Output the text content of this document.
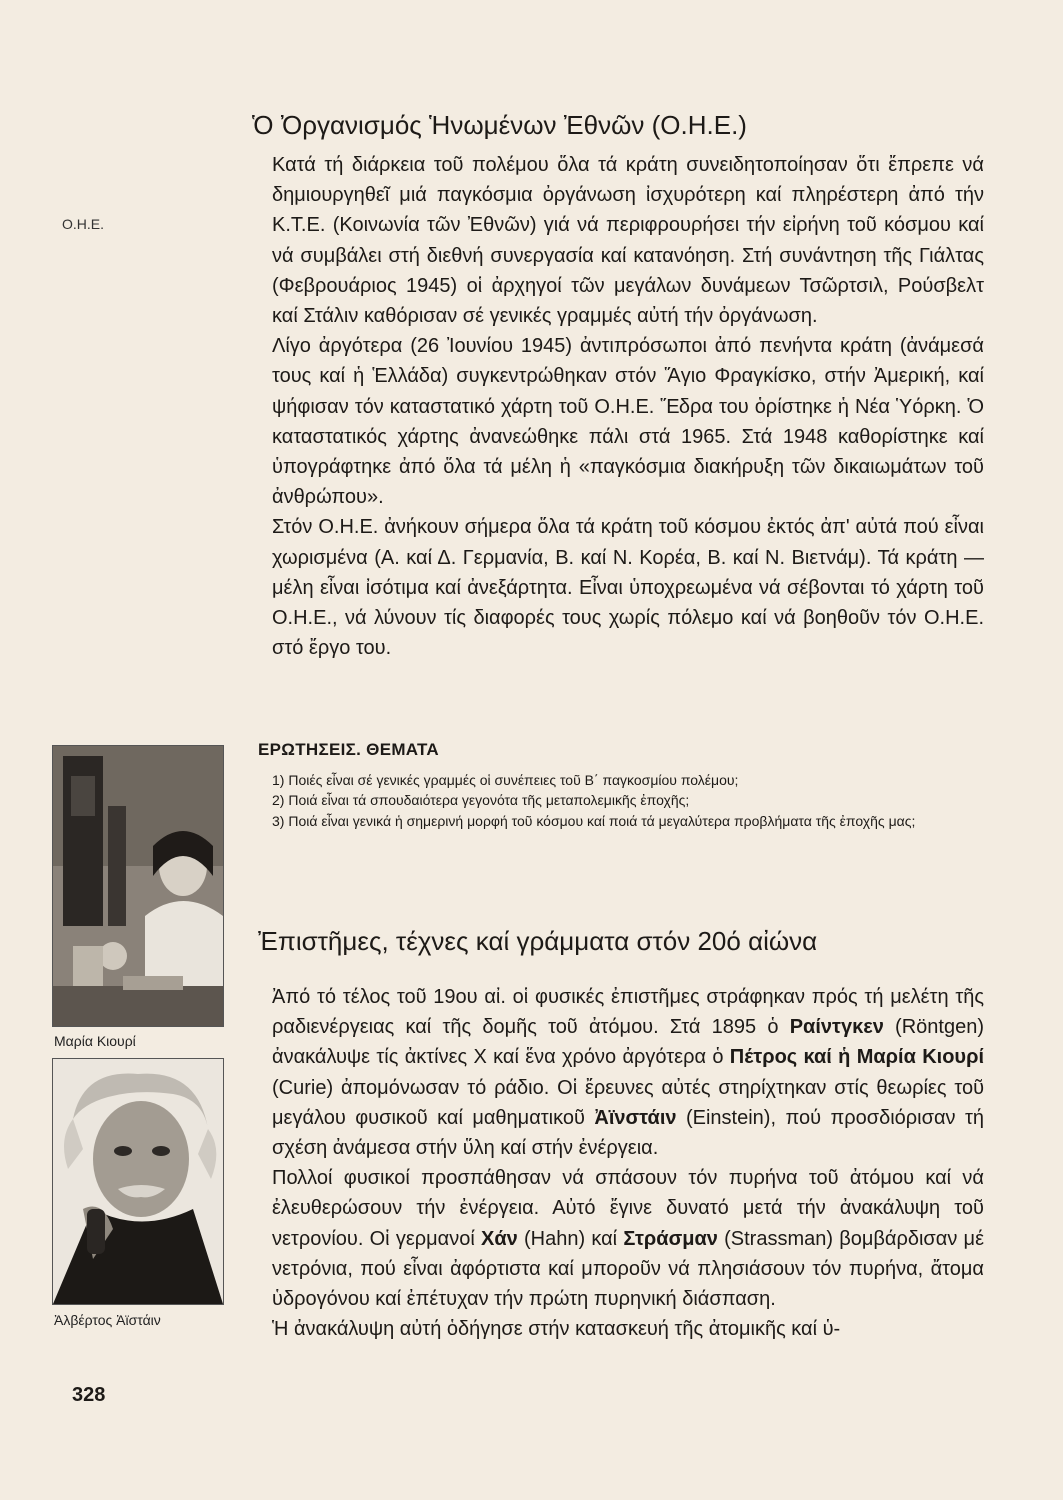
Ο.Η.Ε.
Μαρία Κιουρί
Ἀλβέρτος Ἀϊστάιν
328
Ὁ Ὀργανισμός Ἡνωμένων Ἐθνῶν (Ο.Η.Ε.)

Κατά τή διάρκεια τοῦ πολέμου ὅλα τά κράτη συνειδητοποίησαν ὅτι ἔπρεπε νά δημιουργηθεῖ μιά παγκόσμια ὀργάνωση ἰσχυρότερη καί πληρέστερη ἀπό τήν Κ.Τ.Ε. (Κοινωνία τῶν Ἐθνῶν) γιά νά περιφρουρήσει τήν εἰρήνη τοῦ κόσμου καί νά συμβάλει στή διεθνή συνεργασία καί κατανόηση. Στή συνάντηση τῆς Γιάλτας (Φεβρουάριος 1945) οἱ ἀρχηγοί τῶν μεγάλων δυνάμεων Τσῶρτσιλ, Ρούσβελτ καί Στάλιν καθόρισαν σέ γενικές γραμμές αὐτή τήν ὀργάνωση.

Λίγο ἀργότερα (26 Ἰουνίου 1945) ἀντιπρόσωποι ἀπό πενήντα κράτη (ἀνάμεσά τους καί ἡ Ἑλλάδα) συγκεντρώθηκαν στόν Ἅγιο Φραγκίσκο, στήν Ἀμερική, καί ψήφισαν τόν καταστατικό χάρτη τοῦ Ο.Η.Ε. Ἕδρα του ὁρίστηκε ἡ Νέα Ὑόρκη. Ὁ καταστατικός χάρτης ἀνανεώθηκε πάλι στά 1965. Στά 1948 καθορίστηκε καί ὑπογράφτηκε ἀπό ὅλα τά μέλη ἡ «παγκόσμια διακήρυξη τῶν δικαιωμάτων τοῦ ἀνθρώπου».

Στόν Ο.Η.Ε. ἀνήκουν σήμερα ὅλα τά κράτη τοῦ κόσμου ἐκτός ἀπ' αὐτά πού εἶναι χωρισμένα (Α. καί Δ. Γερμανία, Β. καί Ν. Κορέα, Β. καί Ν. Βιετνάμ). Τά κράτη — μέλη εἶναι ἰσότιμα καί ἀνεξάρτητα. Εἶναι ὑποχρεωμένα νά σέβονται τό χάρτη τοῦ Ο.Η.Ε., νά λύνουν τίς διαφορές τους χωρίς πόλεμο καί νά βοηθοῦν τόν Ο.Η.Ε. στό ἔργο του.

ΕΡΩΤΗΣΕΙΣ. ΘΕΜΑΤΑ
1) Ποιές εἶναι σέ γενικές γραμμές οἱ συνέπειες τοῦ Β΄ παγκοσμίου πολέμου;
2) Ποιά εἶναι τά σπουδαιότερα γεγονότα τῆς μεταπολεμικῆς ἐποχῆς;
3) Ποιά εἶναι γενικά ἡ σημερινή μορφή τοῦ κόσμου καί ποιά τά μεγαλύτερα προβλήματα τῆς ἐποχῆς μας;
Ἐπιστῆμες, τέχνες καί γράμματα στόν 20ό αἰώνα

Ἀπό τό τέλος τοῦ 19ου αἰ. οἱ φυσικές ἐπιστῆμες στράφηκαν πρός τή μελέτη τῆς ραδιενέργειας καί τῆς δομῆς τοῦ ἀτόμου. Στά 1895 ὁ Ραίντγκεν (Röntgen) ἀνακάλυψε τίς ἀκτίνες Χ καί ἕνα χρόνο ἀργότερα ὁ Πέτρος καί ἡ Μαρία Κιουρί (Curie) ἀπομόνωσαν τό ράδιο. Οἱ ἔρευνες αὐτές στηρίχτηκαν στίς θεωρίες τοῦ μεγάλου φυσικοῦ καί μαθηματικοῦ Ἀϊνστάιν (Einstein), πού προσδιόρισαν τή σχέση ἀνάμεσα στήν ὕλη καί στήν ἐνέργεια.

Πολλοί φυσικοί προσπάθησαν νά σπάσουν τόν πυρήνα τοῦ ἀτόμου καί νά ἐλευθερώσουν τήν ἐνέργεια. Αὐτό ἔγινε δυνατό μετά τήν ἀνακάλυψη τοῦ νετρονίου. Οἱ γερμανοί Χάν (Hahn) καί Στράσμαν (Strassman) βομβάρδισαν μέ νετρόνια, πού εἶναι ἀφόρτιστα καί μποροῦν νά πλησιάσουν τόν πυρήνα, ἄτομα ὑδρογόνου καί ἐπέτυχαν τήν πρώτη πυρηνική διάσπαση.

Ἡ ἀνακάλυψη αὐτή ὁδήγησε στήν κατασκευή τῆς ἀτομικῆς καί ὑ-
